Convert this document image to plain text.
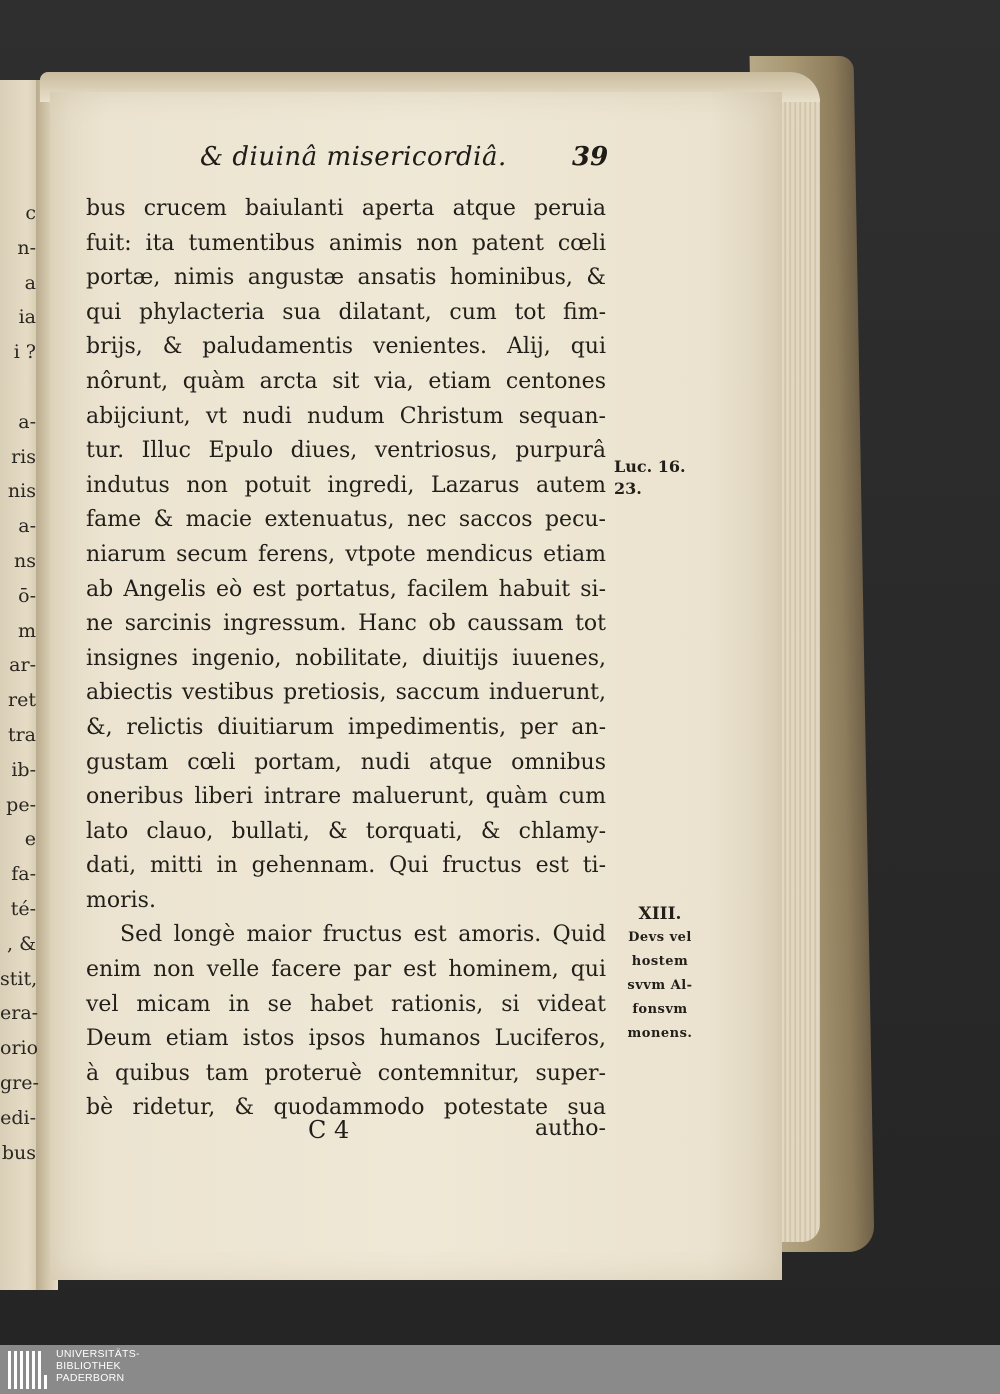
c
n-
a
ia
i ?
a-
ris
nis
a-
ns
ō-
m
ar-
ret
tra
ib-
pe-
e
fa-
té-
, &
stit,
era-
orio
gre-
edi-
bus
& diuinâ misericordiâ.	39
bus crucem baiulanti aperta atque peruia
fuit: ita tumentibus animis non patent cœli
portæ, nimis angustæ ansatis hominibus, &
qui phylacteria sua dilatant, cum tot fim-
brijs, & paludamentis venientes. Alij, qui
nôrunt, quàm arcta sit via, etiam centones
abijciunt, vt nudi nudum Christum sequan-
tur. Illuc Epulo diues, ventriosus, purpurâ
indutus non potuit ingredi, Lazarus autem
fame & macie extenuatus, nec saccos pecu-
niarum secum ferens, vtpote mendicus etiam
ab Angelis eò est portatus, facilem habuit si-
ne sarcinis ingressum. Hanc ob caussam tot
insignes ingenio, nobilitate, diuitijs iuuenes,
abiectis vestibus pretiosis, saccum induerunt,
&, relictis diuitiarum impedimentis, per an-
gustam cœli portam, nudi atque omnibus
oneribus liberi intrare maluerunt, quàm cum
lato clauo, bullati, & torquati, & chlamy-
dati, mitti in gehennam. Qui fructus est ti-
moris.
Sed longè maior fructus est amoris. Quid
enim non velle facere par est hominem, qui
vel micam in se habet rationis, si videat
Deum etiam istos ipsos humanos Luciferos,
à quibus tam proteruè contemnitur, super-
bè ridetur, & quodammodo potestate sua
C 4	autho-
Luc. 16.
23.
XIII.
Devs vel
hostem
svvm Al-
fonsvm
monens.
UNIVERSITÄTS-
BIBLIOTHEK
PADERBORN
